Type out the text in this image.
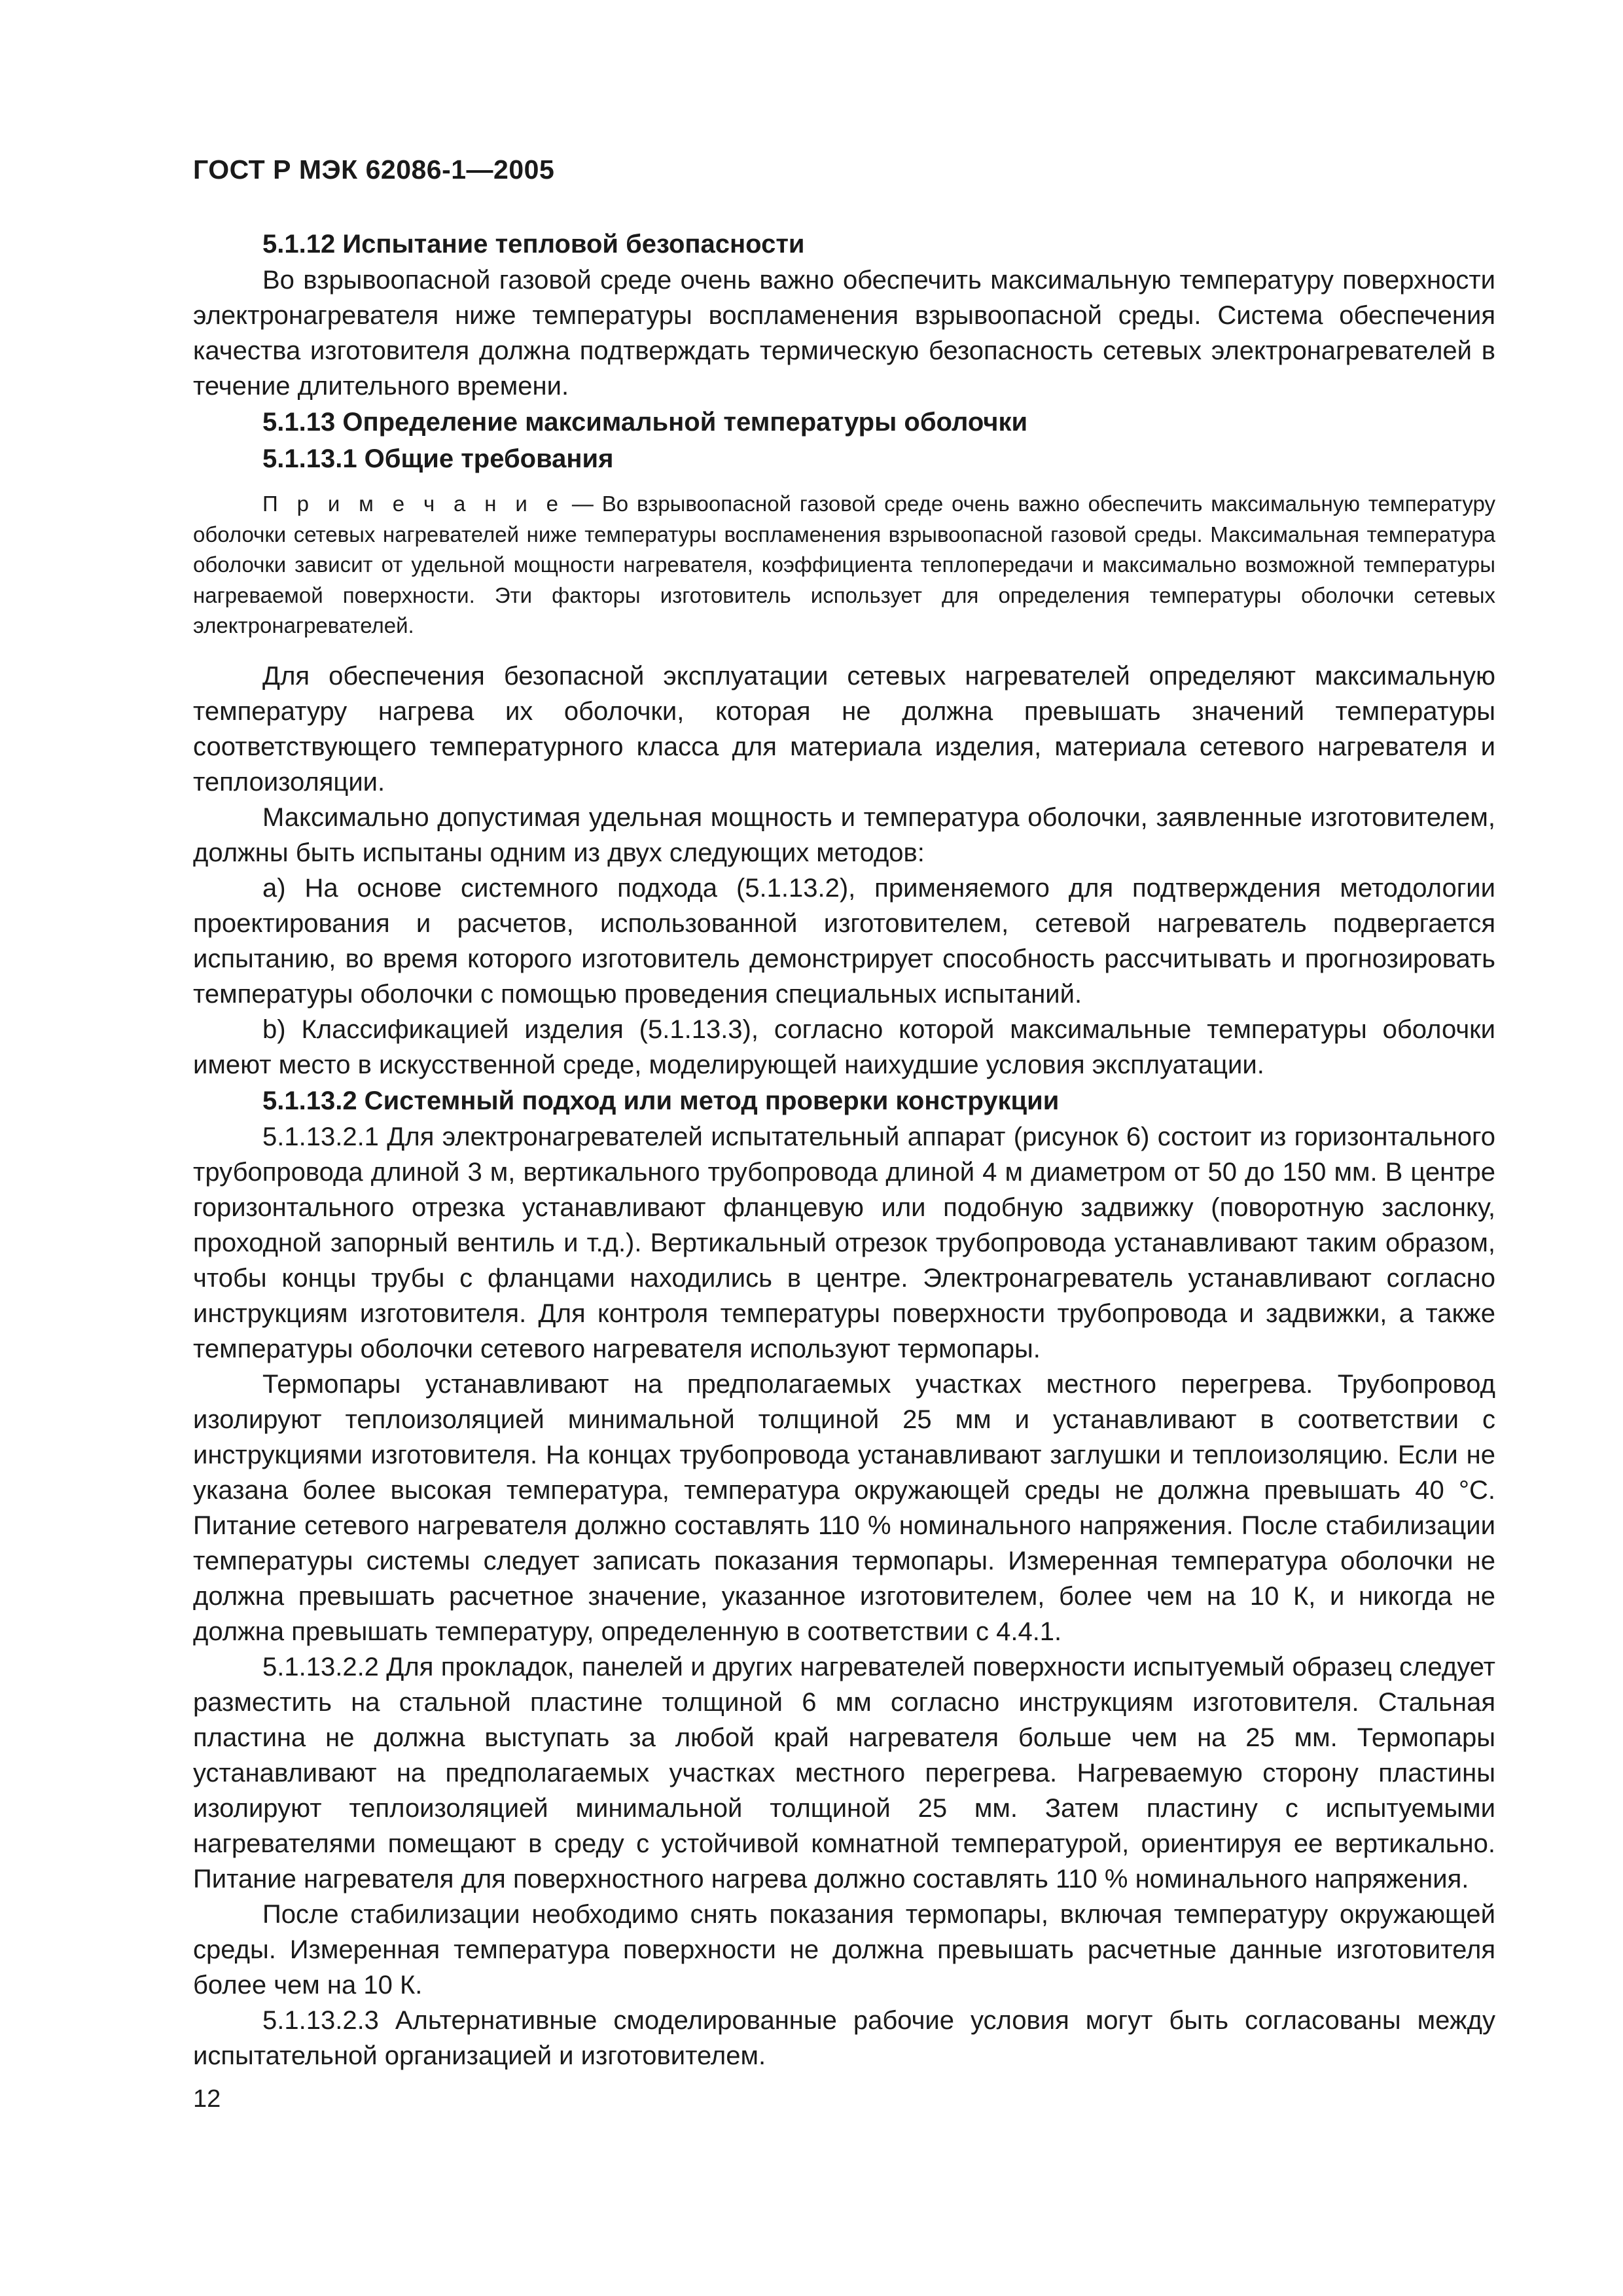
ГОСТ Р МЭК 62086-1—2005
5.1.12 Испытание тепловой безопасности

Во взрывоопасной газовой среде очень важно обеспечить максимальную температуру поверхности электронагревателя ниже температуры воспламенения взрывоопасной среды. Система обеспечения качества изготовителя должна подтверждать термическую безопасность сетевых электронагревателей в течение длительного времени.

5.1.13 Определение максимальной температуры оболочки
5.1.13.1 Общие требования
П р и м е ч а н и е — Во взрывоопасной газовой среде очень важно обеспечить максимальную температуру оболочки сетевых нагревателей ниже температуры воспламенения взрывоопасной газовой среды. Максимальная температура оболочки зависит от удельной мощности нагревателя, коэффициента теплопередачи и максимально возможной температуры нагреваемой поверхности. Эти факторы изготовитель использует для определения температуры оболочки сетевых электронагревателей.

Для обеспечения безопасной эксплуатации сетевых нагревателей определяют максимальную температуру нагрева их оболочки, которая не должна превышать значений температуры соответствующего температурного класса для материала изделия, материала сетевого нагревателя и теплоизоляции.

Максимально допустимая удельная мощность и температура оболочки, заявленные изготовителем, должны быть испытаны одним из двух следующих методов:

а) На основе системного подхода (5.1.13.2), применяемого для подтверждения методологии проектирования и расчетов, использованной изготовителем, сетевой нагреватель подвергается испытанию, во время которого изготовитель демонстрирует способность рассчитывать и прогнозировать температуры оболочки с помощью проведения специальных испытаний.

b) Классификацией изделия (5.1.13.3), согласно которой максимальные температуры оболочки имеют место в искусственной среде, моделирующей наихудшие условия эксплуатации.

5.1.13.2 Системный подход или метод проверки конструкции

5.1.13.2.1 Для электронагревателей испытательный аппарат (рисунок 6) состоит из горизонтального трубопровода длиной 3 м, вертикального трубопровода длиной 4 м диаметром от 50 до 150 мм. В центре горизонтального отрезка устанавливают фланцевую или подобную задвижку (поворотную заслонку, проходной запорный вентиль и т.д.). Вертикальный отрезок трубопровода устанавливают таким образом, чтобы концы трубы с фланцами находились в центре. Электронагреватель устанавливают согласно инструкциям изготовителя. Для контроля температуры поверхности трубопровода и задвижки, а также температуры оболочки сетевого нагревателя используют термопары.

Термопары устанавливают на предполагаемых участках местного перегрева. Трубопровод изолируют теплоизоляцией минимальной толщиной 25 мм и устанавливают в соответствии с инструкциями изготовителя. На концах трубопровода устанавливают заглушки и теплоизоляцию. Если не указана более высокая температура, температура окружающей среды не должна превышать 40 °С. Питание сетевого нагревателя должно составлять 110 % номинального напряжения. После стабилизации температуры системы следует записать показания термопары. Измеренная температура оболочки не должна превышать расчетное значение, указанное изготовителем, более чем на 10 К, и никогда не должна превышать температуру, определенную в соответствии с 4.4.1.

5.1.13.2.2 Для прокладок, панелей и других нагревателей поверхности испытуемый образец следует разместить на стальной пластине толщиной 6 мм согласно инструкциям изготовителя. Стальная пластина не должна выступать за любой край нагревателя больше чем на 25 мм. Термопары устанавливают на предполагаемых участках местного перегрева. Нагреваемую сторону пластины изолируют теплоизоляцией минимальной толщиной 25 мм. Затем пластину с испытуемыми нагревателями помещают в среду с устойчивой комнатной температурой, ориентируя ее вертикально. Питание нагревателя для поверхностного нагрева должно составлять 110 % номинального напряжения.

После стабилизации необходимо снять показания термопары, включая температуру окружающей среды. Измеренная температура поверхности не должна превышать расчетные данные изготовителя более чем на 10 К.

5.1.13.2.3 Альтернативные смоделированные рабочие условия могут быть согласованы между испытательной организацией и изготовителем.

12
